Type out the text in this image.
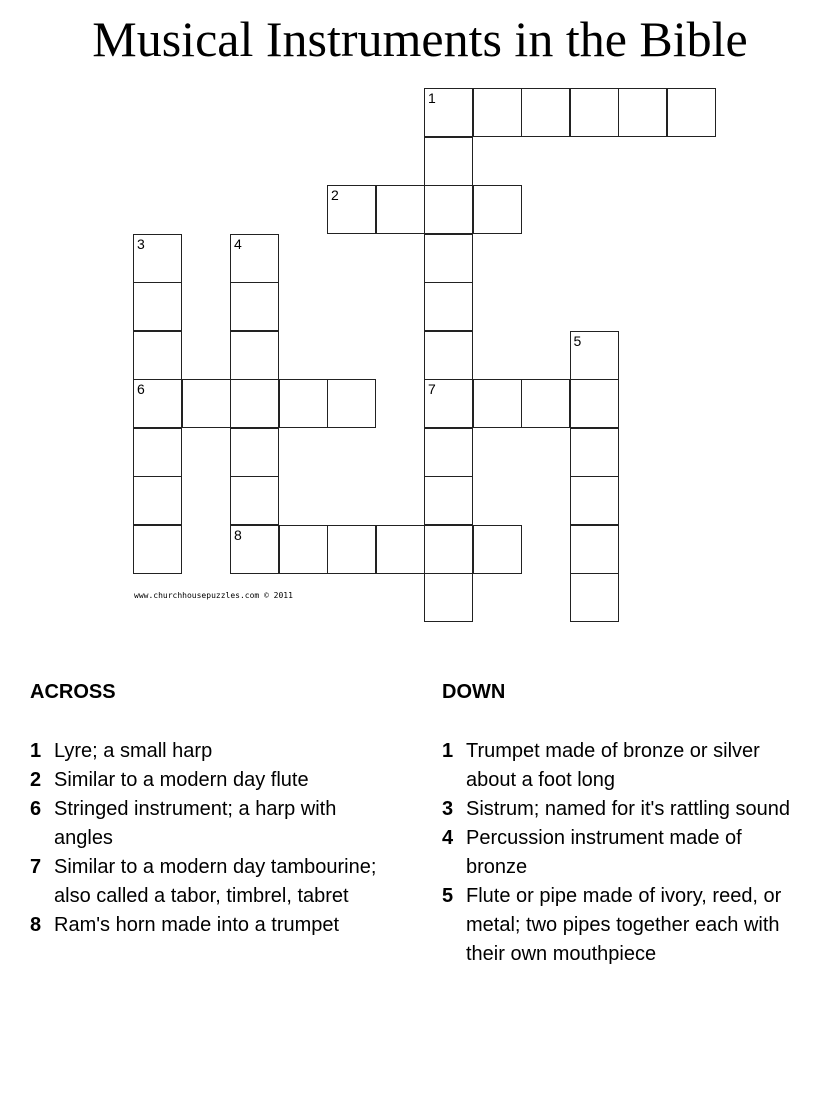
Musical Instruments in the Bible
1
7
2
3
6
4
8
5
www.churchhousepuzzles.com © 2011
ACROSS	DOWN
1 Lyre; a small harp
2 Similar to a modern day flute
6 Stringed instrument; a harp with angles
7 Similar to a modern day tambourine; also called a tabor, timbrel, tabret
8 Ram's horn made into a trumpet
1 Trumpet made of bronze or silver about a foot long
3 Sistrum; named for it's rattling sound
4 Percussion instrument made of bronze
5 Flute or pipe made of ivory, reed, or metal; two pipes together each with their own mouthpiece
